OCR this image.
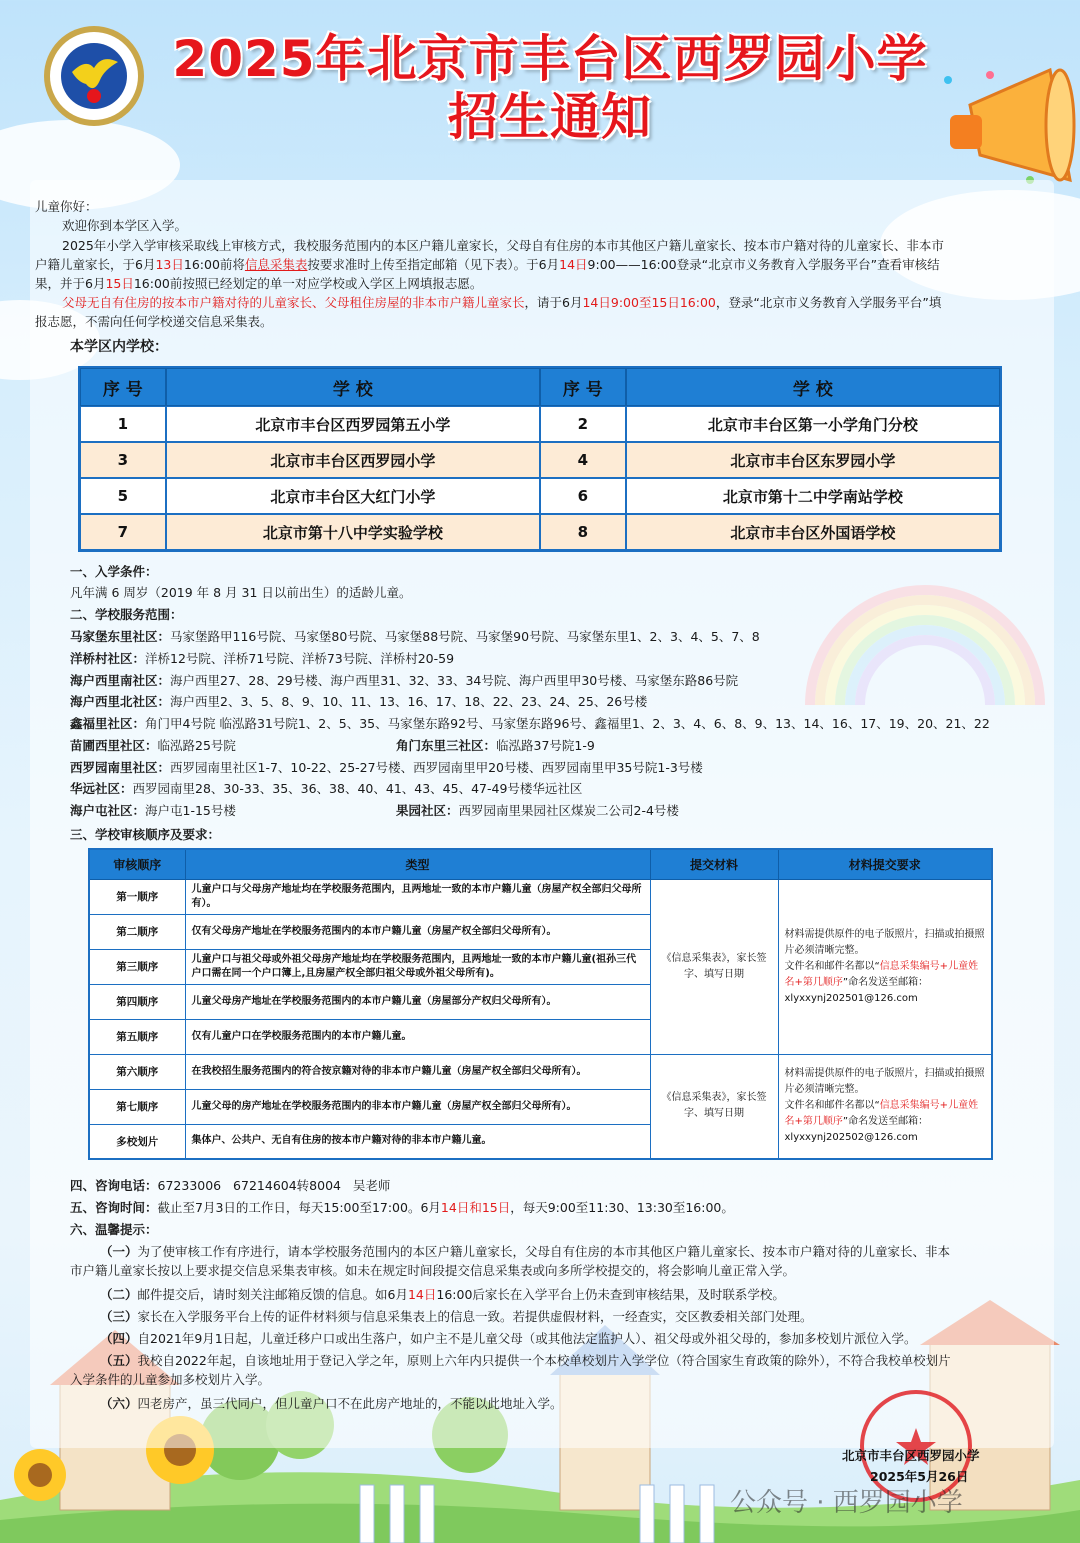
2025年北京市丰台区西罗园小学
招生通知
儿童你好：
欢迎你到本学区入学。
2025年小学入学审核采取线上审核方式，我校服务范围内的本区户籍儿童家长，父母自有住房的本市其他区户籍儿童家长、按本市户籍对待的儿童家长、非本市
户籍儿童家长，于6月13日16:00前将信息采集表按要求准时上传至指定邮箱（见下表）。于6月14日9:00——16:00登录“北京市义务教育入学服务平台”查看审核结
果，并于6月15日16:00前按照已经划定的单一对应学校或入学区上网填报志愿。
父母无自有住房的按本市户籍对待的儿童家长、父母租住房屋的非本市户籍儿童家长，请于6月14日9:00至15日16:00，登录“北京市义务教育入学服务平台”填
报志愿，不需向任何学校递交信息采集表。
本学区内学校：
序 号	学 校	序 号	学 校
1	北京市丰台区西罗园第五小学	2	北京市丰台区第一小学角门分校
3	北京市丰台区西罗园小学	4	北京市丰台区东罗园小学
5	北京市丰台区大红门小学	6	北京市第十二中学南站学校
7	北京市第十八中学实验学校	8	北京市丰台区外国语学校
一、入学条件：
凡年满 6 周岁（2019 年 8 月 31 日以前出生）的适龄儿童。
二、学校服务范围：
马家堡东里社区：马家堡路甲116号院、马家堡80号院、马家堡88号院、马家堡90号院、马家堡东里1、2、3、4、5、7、8
洋桥村社区：洋桥12号院、洋桥71号院、洋桥73号院、洋桥村20-59
海户西里南社区：海户西里27、28、29号楼、海户西里31、32、33、34号院、海户西里甲30号楼、马家堡东路86号院
海户西里北社区：海户西里2、3、5、8、9、10、11、13、16、17、18、22、23、24、25、26号楼
鑫福里社区：角门甲4号院 临泓路31号院1、2、5、35、马家堡东路92号、马家堡东路96号、鑫福里1、2、3、4、6、8、9、13、14、16、17、19、20、21、22
苗圃西里社区：临泓路25号院	角门东里三社区：临泓路37号院1-9
西罗园南里社区：西罗园南里社区1-7、10-22、25-27号楼、西罗园南里甲20号楼、西罗园南里甲35号院1-3号楼
华远社区：西罗园南里28、30-33、35、36、38、40、41、43、45、47-49号楼华远社区
海户屯社区：海户屯1-15号楼	果园社区：西罗园南里果园社区煤炭二公司2-4号楼
三、学校审核顺序及要求：
审核顺序	类型	提交材料	材料提交要求
第一顺序	儿童户口与父母房产地址均在学校服务范围内，且两地址一致的本市户籍儿童（房屋产权全部归父母所有）。	《信息采集表》，家长签字、填写日期	材料需提供原件的电子版照片，扫描或拍摄照片必须清晰完整。
文件名和邮件名都以“信息采集编号+儿童姓名+第几顺序”命名发送至邮箱：
xlyxxynj202501@126.com

第二顺序	仅有父母房产地址在学校服务范围内的本市户籍儿童（房屋产权全部归父母所有）。		
第三顺序	儿童户口与祖父母或外祖父母房产地址均在学校服务范围内，且两地址一致的本市户籍儿童(祖孙三代户口需在同一个户口簿上,且房屋产权全部归祖父母或外祖父母所有)。		
第四顺序	儿童父母房产地址在学校服务范围内的本市户籍儿童（房屋部分产权归父母所有）。		
第五顺序	仅有儿童户口在学校服务范围内的本市户籍儿童。		
第六顺序	在我校招生服务范围内的符合按京籍对待的非本市户籍儿童（房屋产权全部归父母所有）。	《信息采集表》，家长签字、填写日期	材料需提供原件的电子版照片，扫描或拍摄照片必须清晰完整。
文件名和邮件名都以“信息采集编号+儿童姓名+第几顺序”命名发送至邮箱：
xlyxxynj202502@126.com

第七顺序	儿童父母的房产地址在学校服务范围内的非本市户籍儿童（房屋产权全部归父母所有）。		
多校划片	集体户、公共户、无自有住房的按本市户籍对待的非本市户籍儿童。		
四、咨询电话：67233006   67214604转8004   吴老师
五、咨询时间：截止至7月3日的工作日，每天15:00至17:00。6月14日和15日，每天9:00至11:30、13:30至16:00。
六、温馨提示：
（一）为了使审核工作有序进行，请本学校服务范围内的本区户籍儿童家长，父母自有住房的本市其他区户籍儿童家长、按本市户籍对待的儿童家长、非本
市户籍儿童家长按以上要求提交信息采集表审核。如未在规定时间段提交信息采集表或向多所学校提交的，将会影响儿童正常入学。
（二）邮件提交后，请时刻关注邮箱反馈的信息。如6月14日16:00后家长在入学平台上仍未查到审核结果，及时联系学校。
（三）家长在入学服务平台上传的证件材料须与信息采集表上的信息一致。若提供虚假材料，一经查实，交区教委相关部门处理。
（四）自2021年9月1日起，儿童迁移户口或出生落户，如户主不是儿童父母（或其他法定监护人）、祖父母或外祖父母的，参加多校划片派位入学。
（五）我校自2022年起，自该地址用于登记入学之年，原则上六年内只提供一个本校单校划片入学学位（符合国家生育政策的除外），不符合我校单校划片
入学条件的儿童参加多校划片入学。
（六）四老房产，虽三代同户，但儿童户口不在此房产地址的，不能以此地址入学。
北京市丰台区西罗园小学
2025年5月26日
公众号 · 西罗园小学
